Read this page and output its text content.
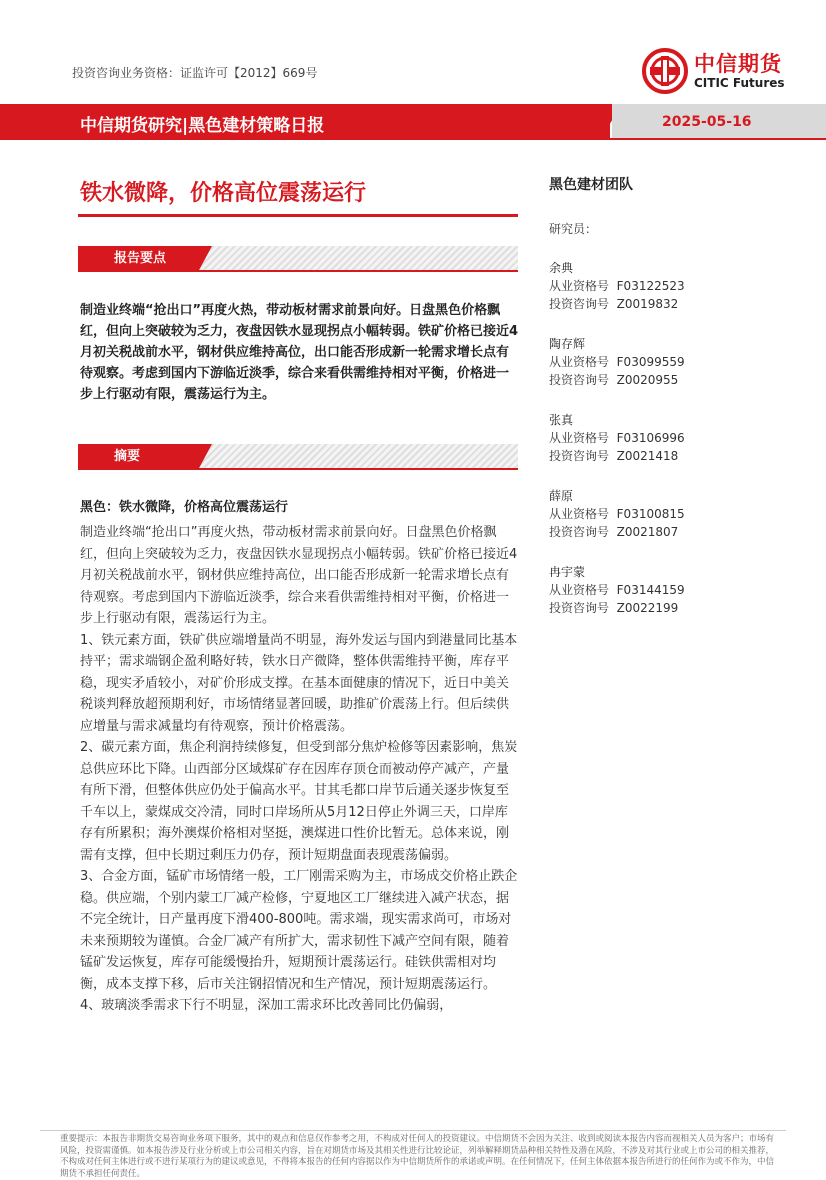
投资咨询业务资格：证监许可【2012】669号	中信期货
CITIC Futures
中信期货研究|黑色建材策略日报	2025-05-16
铁水微降，价格高位震荡运行
报告要点
制造业终端“抢出口”再度火热，带动板材需求前景向好。日盘黑色价格飘红，但向上突破较为乏力，夜盘因铁水显现拐点小幅转弱。铁矿价格已接近4月初关税战前水平，钢材供应维持高位，出口能否形成新一轮需求增长点有待观察。考虑到国内下游临近淡季，综合来看供需维持相对平衡，价格进一步上行驱动有限，震荡运行为主。
摘要
黑色：铁水微降，价格高位震荡运行

制造业终端“抢出口”再度火热，带动板材需求前景向好。日盘黑色价格飘红，但向上突破较为乏力，夜盘因铁水显现拐点小幅转弱。铁矿价格已接近4月初关税战前水平，钢材供应维持高位，出口能否形成新一轮需求增长点有待观察。考虑到国内下游临近淡季，综合来看供需维持相对平衡，价格进一步上行驱动有限，震荡运行为主。

1、铁元素方面，铁矿供应端增量尚不明显，海外发运与国内到港量同比基本持平；需求端钢企盈利略好转，铁水日产微降，整体供需维持平衡，库存平稳，现实矛盾较小，对矿价形成支撑。在基本面健康的情况下，近日中美关税谈判释放超预期利好，市场情绪显著回暖，助推矿价震荡上行。但后续供应增量与需求减量均有待观察，预计价格震荡。

2、碳元素方面，焦企利润持续修复，但受到部分焦炉检修等因素影响，焦炭总供应环比下降。山西部分区域煤矿存在因库存顶仓而被动停产减产，产量有所下滑，但整体供应仍处于偏高水平。甘其毛都口岸节后通关逐步恢复至千车以上，蒙煤成交冷清，同时口岸场所从5月12日停止外调三天，口岸库存有所累积；海外澳煤价格相对坚挺，澳煤进口性价比暂无。总体来说，刚需有支撑，但中长期过剩压力仍存，预计短期盘面表现震荡偏弱。

3、合金方面，锰矿市场情绪一般，工厂刚需采购为主，市场成交价格止跌企稳。供应端，个别内蒙工厂减产检修，宁夏地区工厂继续进入减产状态，据不完全统计，日产量再度下滑400-800吨。需求端，现实需求尚可，市场对未来预期较为谨慎。合金厂减产有所扩大，需求韧性下减产空间有限，随着锰矿发运恢复，库存可能缓慢抬升，短期预计震荡运行。硅铁供需相对均衡，成本支撑下移，后市关注钢招情况和生产情况，预计短期震荡运行。

4、玻璃淡季需求下行不明显，深加工需求环比改善同比仍偏弱，

黑色建材团队
研究员：
余典
从业资格号 F03122523
投资咨询号 Z0019832
陶存辉
从业资格号 F03099559
投资咨询号 Z0020955
张真
从业资格号 F03106996
投资咨询号 Z0021418
薛原
从业资格号 F03100815
投资咨询号 Z0021807
冉宇蒙
从业资格号 F03144159
投资咨询号 Z0022199
重要提示：本报告非期货交易咨询业务项下服务，其中的观点和信息仅作参考之用，不构成对任何人的投资建议。中信期货不会因为关注、收到或阅读本报告内容而视相关人员为客户；市场有风险，投资需谨慎。如本报告涉及行业分析或上市公司相关内容，旨在对期货市场及其相关性进行比较论证，列举解释期货品种相关特性及潜在风险，不涉及对其行业或上市公司的相关推荐，不构成对任何主体进行或不进行某项行为的建议或意见，不得将本报告的任何内容据以作为中信期货所作的承诺或声明。在任何情况下，任何主体依据本报告所进行的任何作为或不作为，中信期货不承担任何责任。
